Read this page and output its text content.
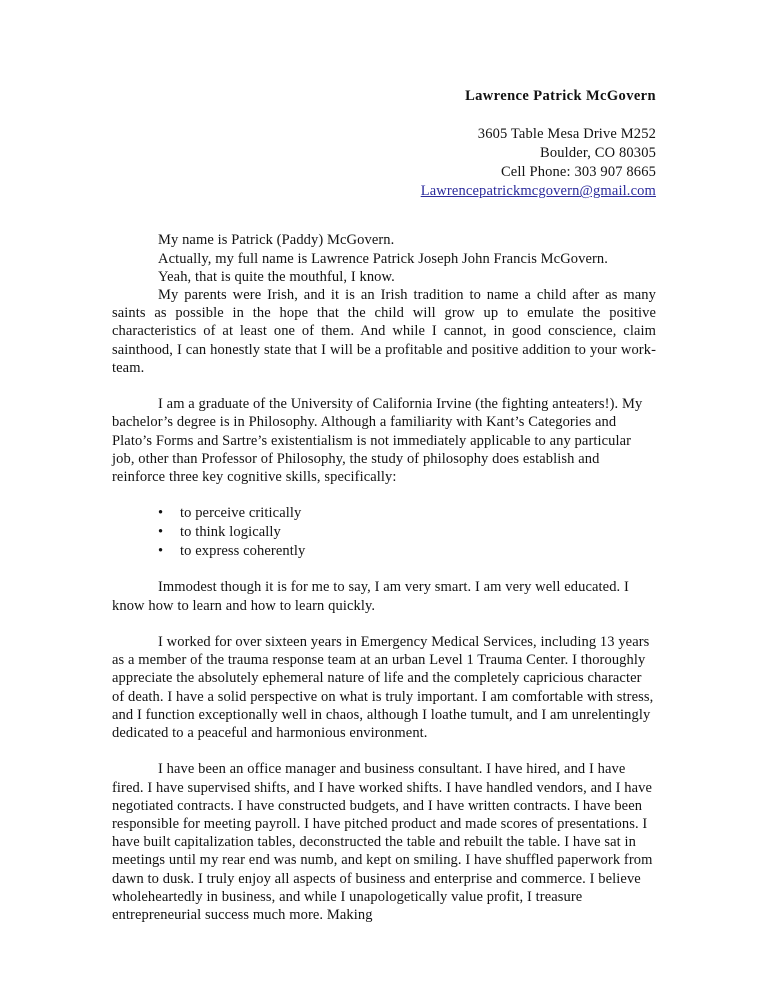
Lawrence Patrick McGovern
3605 Table Mesa Drive M252
Boulder, CO 80305
Cell Phone: 303 907 8665
Lawrencepatrickmcgovern@gmail.com

My name is Patrick (Paddy) McGovern.

Actually, my full name is Lawrence Patrick Joseph John Francis McGovern.

Yeah, that is quite the mouthful, I know.

My parents were Irish, and it is an Irish tradition to name a child after as many saints as possible in the hope that the child will grow up to emulate the positive characteristics of at least one of them. And while I cannot, in good conscience, claim sainthood, I can honestly state that I will be a profitable and positive addition to your work-team.

I am a graduate of the University of California Irvine (the fighting anteaters!). My bachelor’s degree is in Philosophy. Although a familiarity with Kant’s Categories and Plato’s Forms and Sartre’s existentialism is not immediately applicable to any particular job, other than Professor of Philosophy, the study of philosophy does establish and reinforce three key cognitive skills, specifically:

• to perceive critically
• to think logically
• to express coherently

Immodest though it is for me to say, I am very smart. I am very well educated. I know how to learn and how to learn quickly.

I worked for over sixteen years in Emergency Medical Services, including 13 years as a member of the trauma response team at an urban Level 1 Trauma Center. I thoroughly appreciate the absolutely ephemeral nature of life and the completely capricious character of death. I have a solid perspective on what is truly important. I am comfortable with stress, and I function exceptionally well in chaos, although I loathe tumult, and I am unrelentingly dedicated to a peaceful and harmonious environment.

I have been an office manager and business consultant. I have hired, and I have fired. I have supervised shifts, and I have worked shifts. I have handled vendors, and I have negotiated contracts. I have constructed budgets, and I have written contracts. I have been responsible for meeting payroll. I have pitched product and made scores of presentations. I have built capitalization tables, deconstructed the table and rebuilt the table. I have sat in meetings until my rear end was numb, and kept on smiling. I have shuffled paperwork from dawn to dusk. I truly enjoy all aspects of business and enterprise and commerce. I believe wholeheartedly in business, and while I unapologetically value profit, I treasure entrepreneurial success much more. Making
